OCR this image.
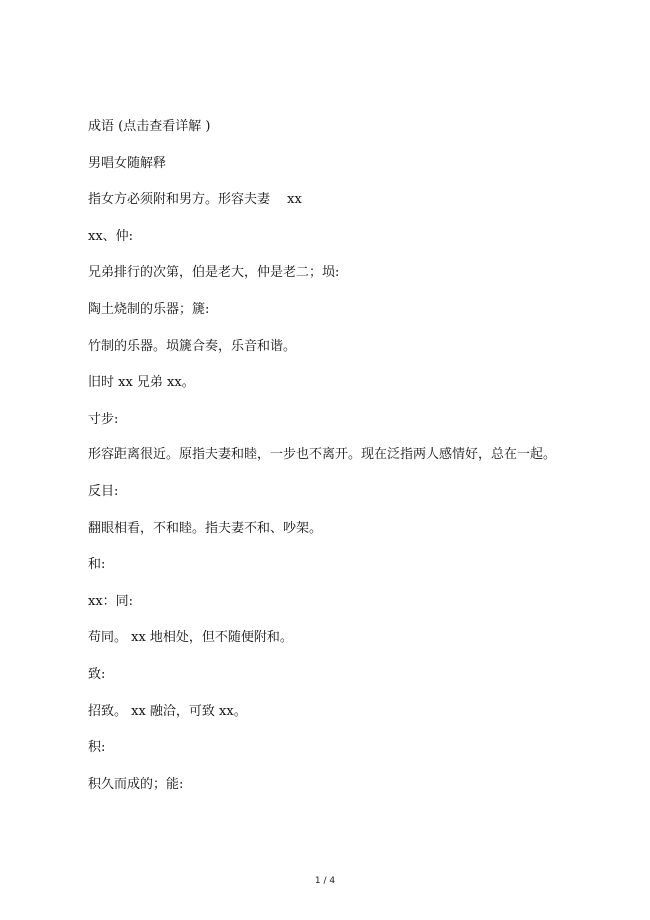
成语 (点击查看详解 )

男唱女随解释

指女方必须附和男方。形容夫妻　 xx

xx、仲:

兄弟排行的次第，伯是老大，仲是老二；埙:

陶土烧制的乐器；篪:

竹制的乐器。埙篪合奏，乐音和谐。

旧时 xx 兄弟 xx。

寸步:

形容距离很近。原指夫妻和睦，一步也不离开。现在泛指两人感情好，总在一起。

反目:

翻眼相看，不和睦。指夫妻不和、吵架。

和:

xx：同:

苟同。 xx 地相处，但不随便附和。

致:

招致。 xx 融洽，可致 xx。

积:

积久而成的；能:

1 / 4
